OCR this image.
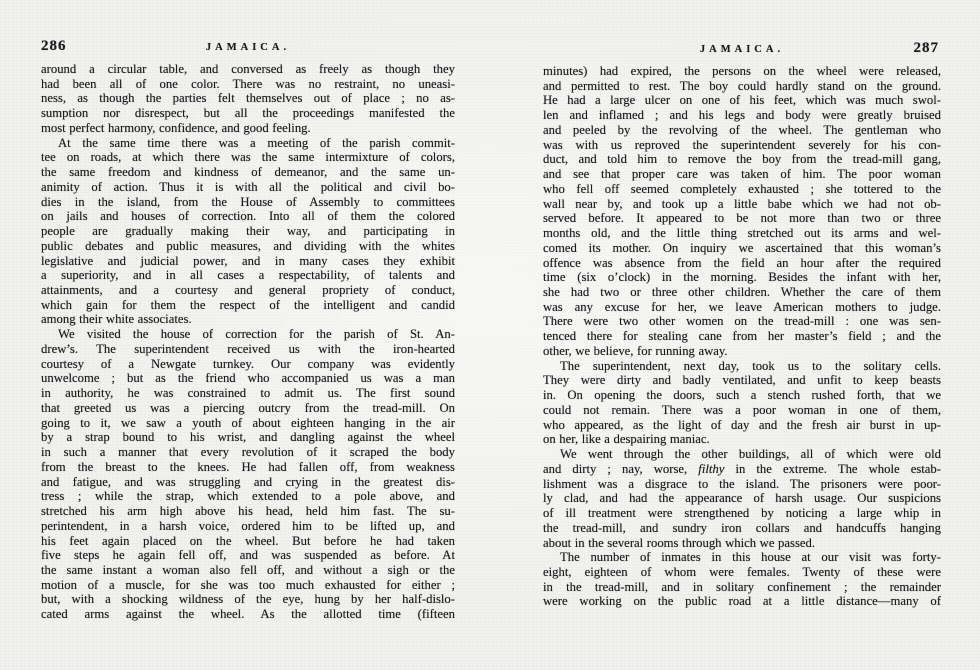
286	JAMAICA.
around a circular table, and conversed as freely as though they
had been all of one color. There was no restraint, no uneasi-
ness, as though the parties felt themselves out of place ; no as-
sumption nor disrespect, but all the proceedings manifested the
most perfect harmony, confidence, and good feeling.
At the same time there was a meeting of the parish commit-
tee on roads, at which there was the same intermixture of colors,
the same freedom and kindness of demeanor, and the same un-
animity of action. Thus it is with all the political and civil bo-
dies in the island, from the House of Assembly to committees
on jails and houses of correction. Into all of them the colored
people are gradually making their way, and participating in
public debates and public measures, and dividing with the whites
legislative and judicial power, and in many cases they exhibit
a superiority, and in all cases a respectability, of talents and
attainments, and a courtesy and general propriety of conduct,
which gain for them the respect of the intelligent and candid
among their white associates.
We visited the house of correction for the parish of St. An-
drew’s. The superintendent received us with the iron-hearted
courtesy of a Newgate turnkey. Our company was evidently
unwelcome ; but as the friend who accompanied us was a man
in authority, he was constrained to admit us. The first sound
that greeted us was a piercing outcry from the tread-mill. On
going to it, we saw a youth of about eighteen hanging in the air
by a strap bound to his wrist, and dangling against the wheel
in such a manner that every revolution of it scraped the body
from the breast to the knees. He had fallen off, from weakness
and fatigue, and was struggling and crying in the greatest dis-
tress ; while the strap, which extended to a pole above, and
stretched his arm high above his head, held him fast. The su-
perintendent, in a harsh voice, ordered him to be lifted up, and
his feet again placed on the wheel. But before he had taken
five steps he again fell off, and was suspended as before. At
the same instant a woman also fell off, and without a sigh or the
motion of a muscle, for she was too much exhausted for either ;
but, with a shocking wildness of the eye, hung by her half-dislo-
cated arms against the wheel. As the allotted time (fifteen
JAMAICA.	287
minutes) had expired, the persons on the wheel were released,
and permitted to rest. The boy could hardly stand on the ground.
He had a large ulcer on one of his feet, which was much swol-
len and inflamed ; and his legs and body were greatly bruised
and peeled by the revolving of the wheel. The gentleman who
was with us reproved the superintendent severely for his con-
duct, and told him to remove the boy from the tread-mill gang,
and see that proper care was taken of him. The poor woman
who fell off seemed completely exhausted ; she tottered to the
wall near by, and took up a little babe which we had not ob-
served before. It appeared to be not more than two or three
months old, and the little thing stretched out its arms and wel-
comed its mother. On inquiry we ascertained that this woman’s
offence was absence from the field an hour after the required
time (six o’clock) in the morning. Besides the infant with her,
she had two or three other children. Whether the care of them
was any excuse for her, we leave American mothers to judge.
There were two other women on the tread-mill : one was sen-
tenced there for stealing cane from her master’s field ; and the
other, we believe, for running away.
The superintendent, next day, took us to the solitary cells.
They were dirty and badly ventilated, and unfit to keep beasts
in. On opening the doors, such a stench rushed forth, that we
could not remain. There was a poor woman in one of them,
who appeared, as the light of day and the fresh air burst in up-
on her, like a despairing maniac.
We went through the other buildings, all of which were old
and dirty ; nay, worse, filthy in the extreme. The whole estab-
lishment was a disgrace to the island. The prisoners were poor-
ly clad, and had the appearance of harsh usage. Our suspicions
of ill treatment were strengthened by noticing a large whip in
the tread-mill, and sundry iron collars and handcuffs hanging
about in the several rooms through which we passed.
The number of inmates in this house at our visit was forty-
eight, eighteen of whom were females. Twenty of these were
in the tread-mill, and in solitary confinement ; the remainder
were working on the public road at a little distance—many of
